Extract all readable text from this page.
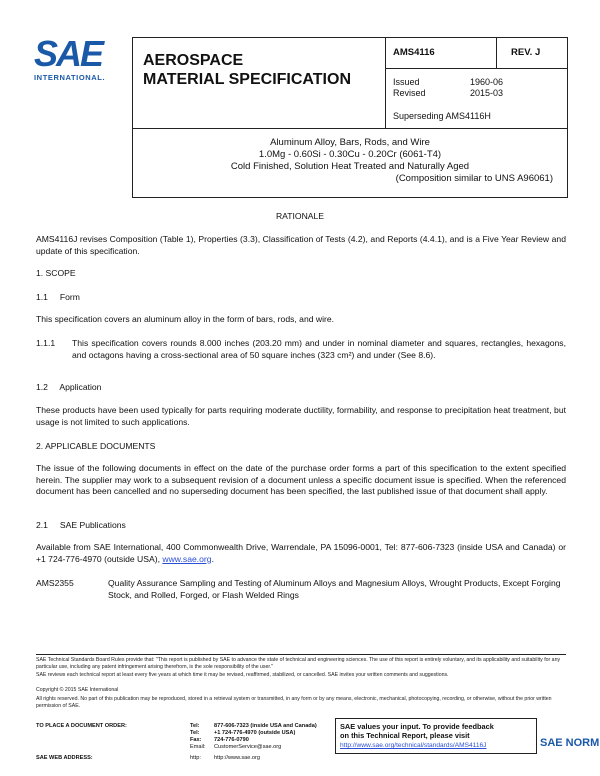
SAE
INTERNATIONAL.
AEROSPACE
MATERIAL SPECIFICATION
AMS4116	REV. J
Issued	1960-06
Revised	2015-03
Superseding AMS4116H
Aluminum Alloy, Bars, Rods, and Wire
1.0Mg - 0.60Si - 0.30Cu - 0.20Cr (6061-T4)
Cold Finished, Solution Heat Treated and Naturally Aged
(Composition similar to UNS A96061)
RATIONALE
AMS4116J revises Composition (Table 1), Properties (3.3), Classification of Tests (4.2), and Reports (4.4.1), and is a Five Year Review and update of this specification.
1. SCOPE
1.1     Form
This specification covers an aluminum alloy in the form of bars, rods, and wire.
1.1.1 This specification covers rounds 8.000 inches (203.20 mm) and under in nominal diameter and squares, rectangles, hexagons, and octagons having a cross-sectional area of 50 square inches (323 cm²) and under (See 8.6).
1.2     Application
These products have been used typically for parts requiring moderate ductility, formability, and response to precipitation heat treatment, but usage is not limited to such applications.
2. APPLICABLE DOCUMENTS
The issue of the following documents in effect on the date of the purchase order forms a part of this specification to the extent specified herein. The supplier may work to a subsequent revision of a document unless a specific document issue is specified. When the referenced document has been cancelled and no superseding document has been specified, the last published issue of that document shall apply.
2.1     SAE Publications
Available from SAE International, 400 Commonwealth Drive, Warrendale, PA 15096-0001, Tel: 877-606-7323 (inside USA and Canada) or +1 724-776-4970 (outside USA), www.sae.org.
AMS2355	Quality Assurance Sampling and Testing of Aluminum Alloys and Magnesium Alloys, Wrought Products, Except Forging Stock, and Rolled, Forged, or Flash Welded Rings
SAE Technical Standards Board Rules provide that: "This report is published by SAE to advance the state of technical and engineering sciences. The use of this report is entirely voluntary, and its applicability and suitability for any particular use, including any patent infringement arising therefrom, is the sole responsibility of the user."
SAE reviews each technical report at least every five years at which time it may be revised, reaffirmed, stabilized, or cancelled. SAE invites your written comments and suggestions.
Copyright © 2015 SAE International
All rights reserved. No part of this publication may be reproduced, stored in a retrieval system or transmitted, in any form or by any means, electronic, mechanical, photocopying, recording, or otherwise, without the prior written permission of SAE.
TO PLACE A DOCUMENT ORDER:	Tel:	877-606-7323 (inside USA and Canada)
Tel:	+1 724-776-4970 (outside USA)
Fax: 724-776-0790
Email: CustomerService@sae.org
SAE WEB ADDRESS:	http: http://www.sae.org
SAE values your input. To provide feedback
on this Technical Report, please visit
http://www.sae.org/technical/standards/AMS4116J	SAE NORM
